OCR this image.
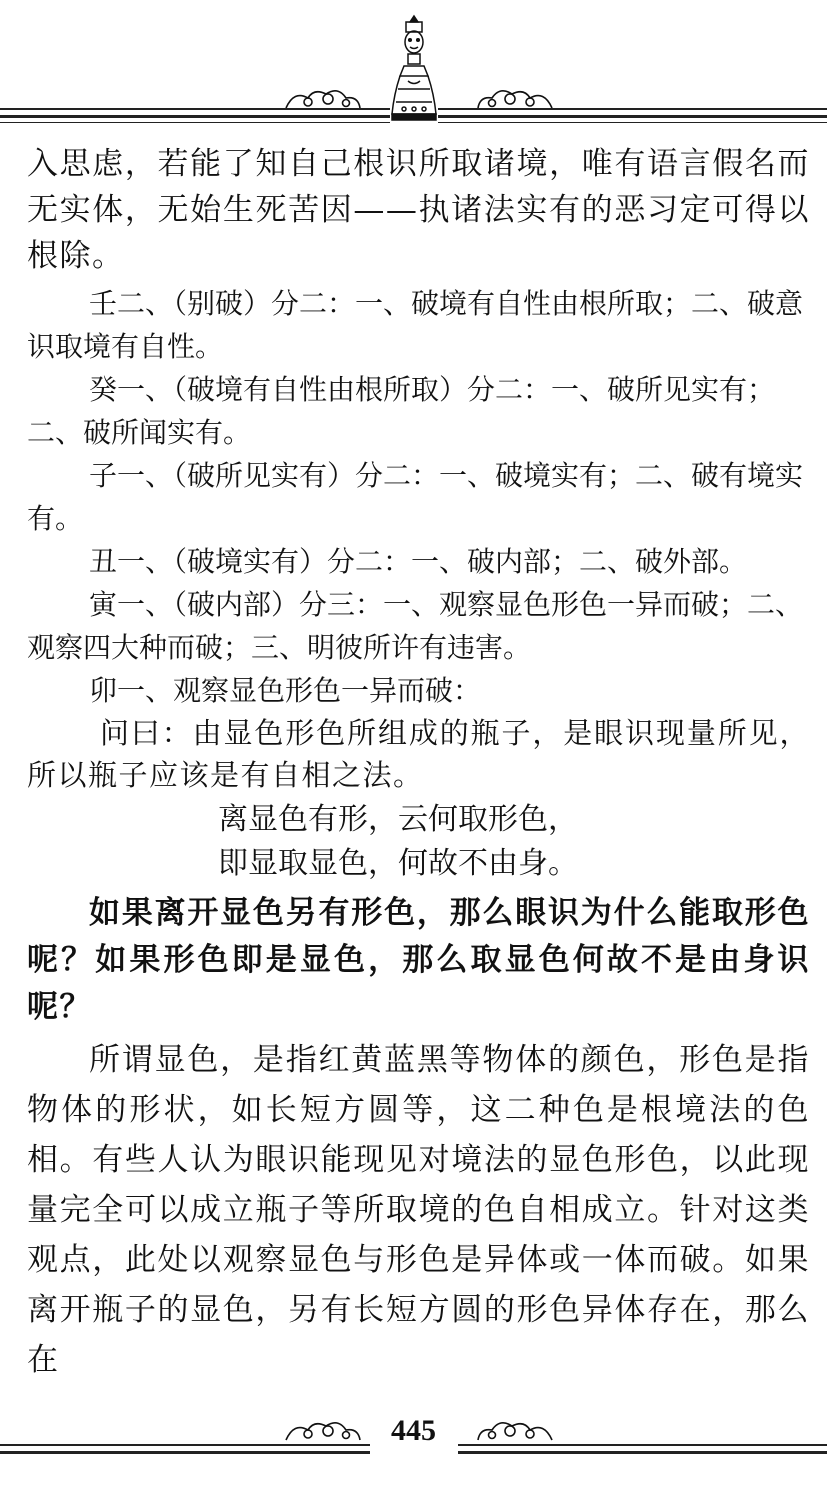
入思虑，若能了知自己根识所取诸境，唯有语言假名而无实体，无始生死苦因——执诸法实有的恶习定可得以根除。

壬二、（别破）分二：一、破境有自性由根所取；二、破意识取境有自性。

癸一、（破境有自性由根所取）分二：一、破所见实有；二、破所闻实有。

子一、（破所见实有）分二：一、破境实有；二、破有境实有。

丑一、（破境实有）分二：一、破内部；二、破外部。

寅一、（破内部）分三：一、观察显色形色一异而破；二、观察四大种而破；三、明彼所许有违害。

卯一、观察显色形色一异而破：

问曰：由显色形色所组成的瓶子，是眼识现量所见，所以瓶子应该是有自相之法。

离显色有形，云何取形色，

即显取显色，何故不由身。

如果离开显色另有形色，那么眼识为什么能取形色呢？如果形色即是显色，那么取显色何故不是由身识呢？

所谓显色，是指红黄蓝黑等物体的颜色，形色是指物体的形状，如长短方圆等，这二种色是根境法的色相。有些人认为眼识能现见对境法的显色形色，以此现量完全可以成立瓶子等所取境的色自相成立。针对这类观点，此处以观察显色与形色是异体或一体而破。如果离开瓶子的显色，另有长短方圆的形色异体存在，那么在

445
